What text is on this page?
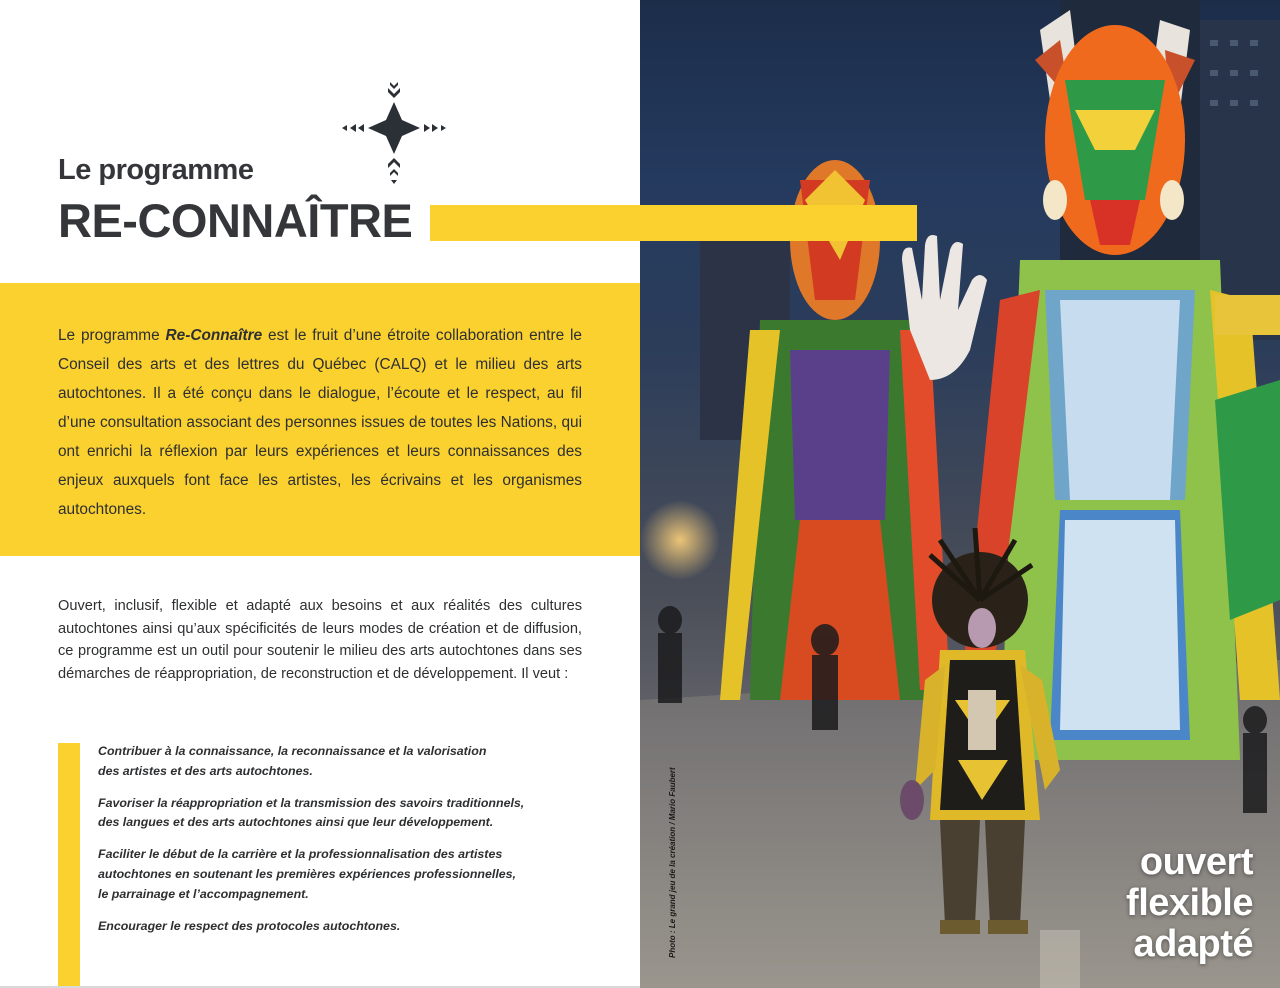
Le programme
RE-CONNAÎTRE

Le programme Re-Connaître est le fruit d’une étroite collaboration entre le Conseil des arts et des lettres du Québec (CALQ) et le milieu des arts autochtones. Il a été conçu dans le dialogue, l’écoute et le respect, au fil d’une consultation associant des personnes issues de toutes les Nations, qui ont enrichi la réflexion par leurs expériences et leurs connaissances des enjeux auxquels font face les artistes, les écrivains et les organismes autochtones.

Ouvert, inclusif, flexible et adapté aux besoins et aux réalités des cultures autochtones ainsi qu’aux spécificités de leurs modes de création et de diffusion, ce programme est un outil pour soutenir le milieu des arts autochtones dans ses démarches de réappropriation, de reconstruction et de développement. Il veut :

Contribuer à la connaissance, la reconnaissance et la valorisation
des artistes et des arts autochtones.
Favoriser la réappropriation et la transmission des savoirs traditionnels,
des langues et des arts autochtones ainsi que leur développement.
Faciliter le début de la carrière et la professionnalisation des artistes
autochtones en soutenant les premières expériences professionnelles,
le parrainage et l’accompagnement.
Encourager le respect des protocoles autochtones.	Photo : Le grand jeu de la création / Mario Faubert	ouvert
flexible
adapté
